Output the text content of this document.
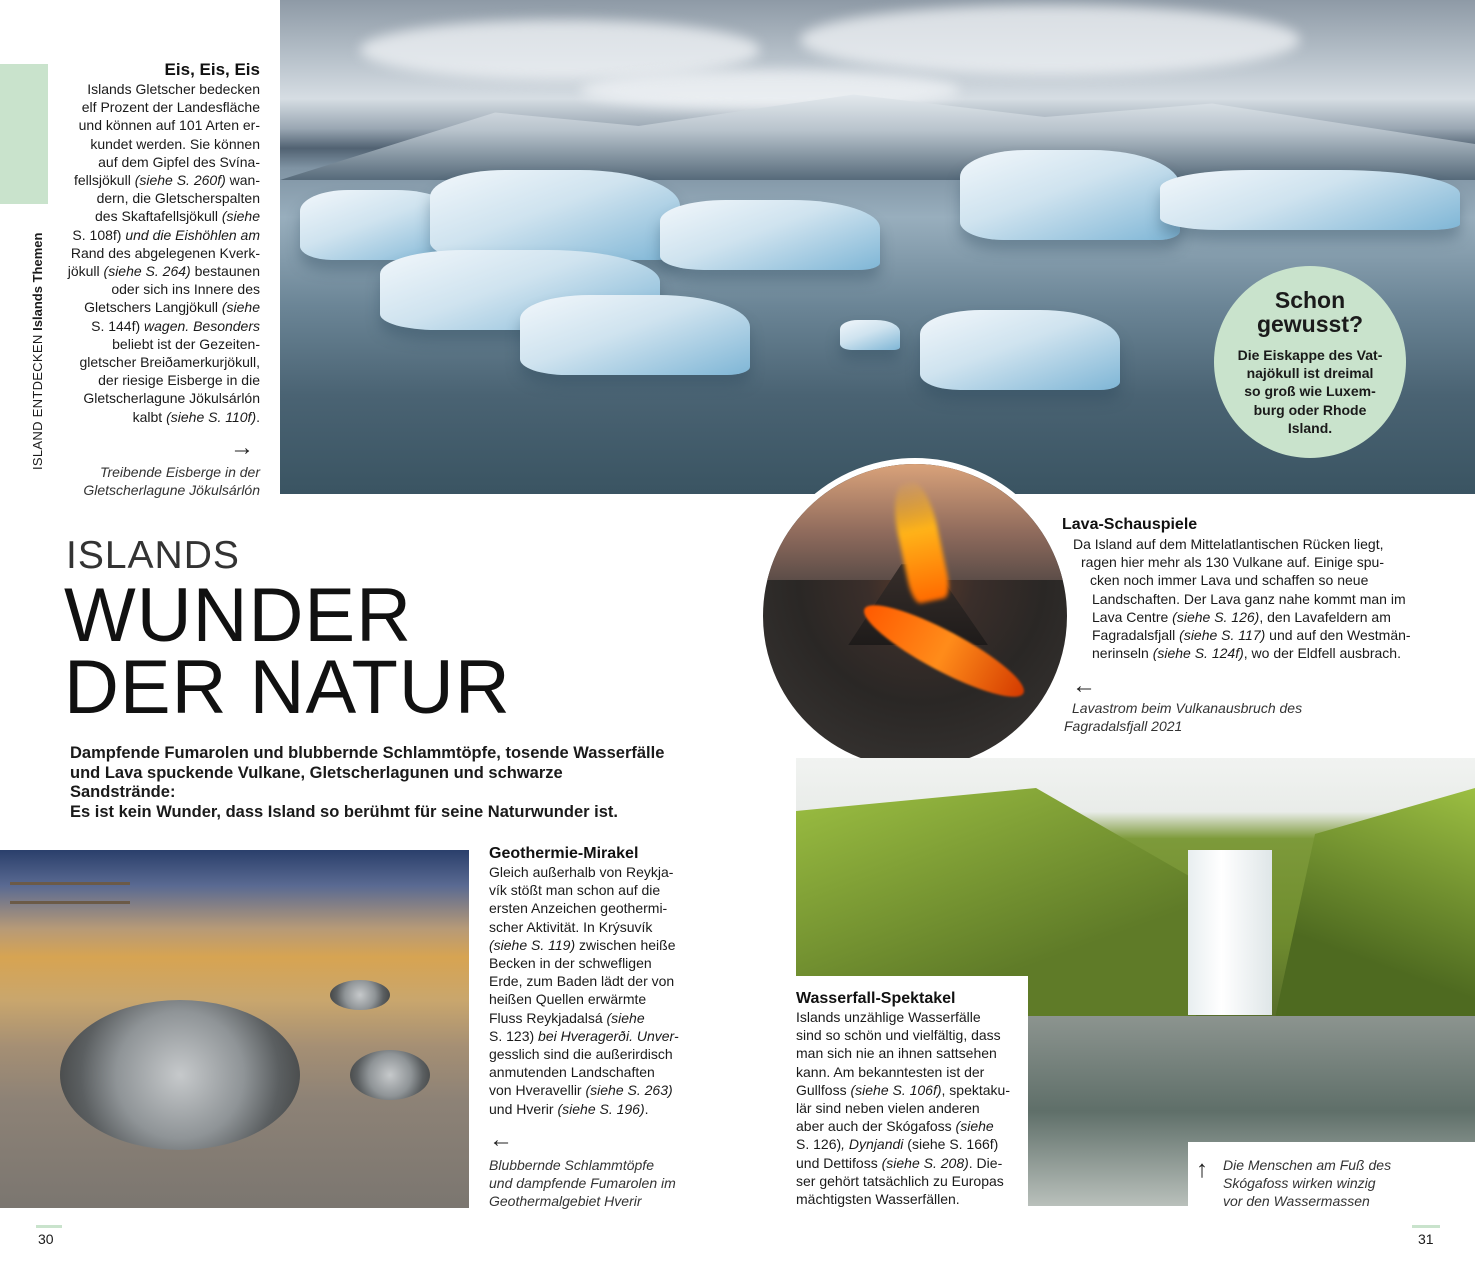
ISLAND ENTDECKEN Islands Themen
Eis, Eis, Eis
Islands Gletscher bedecken
elf Prozent der Landesfläche
und können auf 101 Arten er-
kundet werden. Sie können
auf dem Gipfel des Svína-
fellsjökull (siehe S. 260f) wan-
dern, die Gletscherspalten
des Skaftafellsjökull (siehe
S. 108f) und die Eishöhlen am
Rand des abgelegenen Kverk-
jökull (siehe S. 264) bestaunen
oder sich ins Innere des
Gletschers Langjökull (siehe
S. 144f) wagen. Besonders
beliebt ist der Gezeiten-
gletscher Breiðamerkurjökull,
der riesige Eisberge in die
Gletscherlagune Jökulsárlón
kalbt (siehe S. 110f).
→
Treibende Eisberge in der
Gletscherlagune Jökulsárlón
Schon
gewusst?
Die Eiskappe des Vat-
najökull ist dreimal
so groß wie Luxem-
burg oder Rhode
Island.
ISLANDS
WUNDER
DER NATUR
Dampfende Fumarolen und blubbernde Schlammtöpfe, tosende Wasserfälle
und Lava spuckende Vulkane, Gletscherlagunen und schwarze Sandstrände:
Es ist kein Wunder, dass Island so berühmt für seine Naturwunder ist.
Lava-Schauspiele
Da Island auf dem Mittelatlantischen Rücken liegt,
ragen hier mehr als 130 Vulkane auf. Einige spu-
cken noch immer Lava und schaffen so neue
Landschaften. Der Lava ganz nahe kommt man im
Lava Centre (siehe S. 126), den Lavafeldern am
Fagradalsfjall (siehe S. 117) und auf den Westmän-
nerinseln (siehe S. 124f), wo der Eldfell ausbrach.
←
Lavastrom beim Vulkanausbruch des
Fagradalsfjall 2021
Geothermie-Mirakel
Gleich außerhalb von Reykja-
vík stößt man schon auf die
ersten Anzeichen geothermi-
scher Aktivität. In Krýsuvík
(siehe S. 119) zwischen heiße
Becken in der schwefligen
Erde, zum Baden lädt der von
heißen Quellen erwärmte
Fluss Reykjadalsá (siehe
S. 123) bei Hveragerði. Unver-
gesslich sind die außerirdisch
anmutenden Landschaften
von Hveravellir (siehe S. 263)
und Hverir (siehe S. 196).
←
Blubbernde Schlammtöpfe
und dampfende Fumarolen im
Geothermalgebiet Hverir
Wasserfall-Spektakel
Islands unzählige Wasserfälle
sind so schön und vielfältig, dass
man sich nie an ihnen sattsehen
kann. Am bekanntesten ist der
Gullfoss (siehe S. 106f), spektaku-
lär sind neben vielen anderen
aber auch der Skógafoss (siehe
S. 126), Dynjandi (siehe S. 166f)
und Dettifoss (siehe S. 208). Die-
ser gehört tatsächlich zu Europas
mächtigsten Wasserfällen.
↑ Die Menschen am Fuß des
Skógafoss wirken winzig
vor den Wassermassen
30	31
